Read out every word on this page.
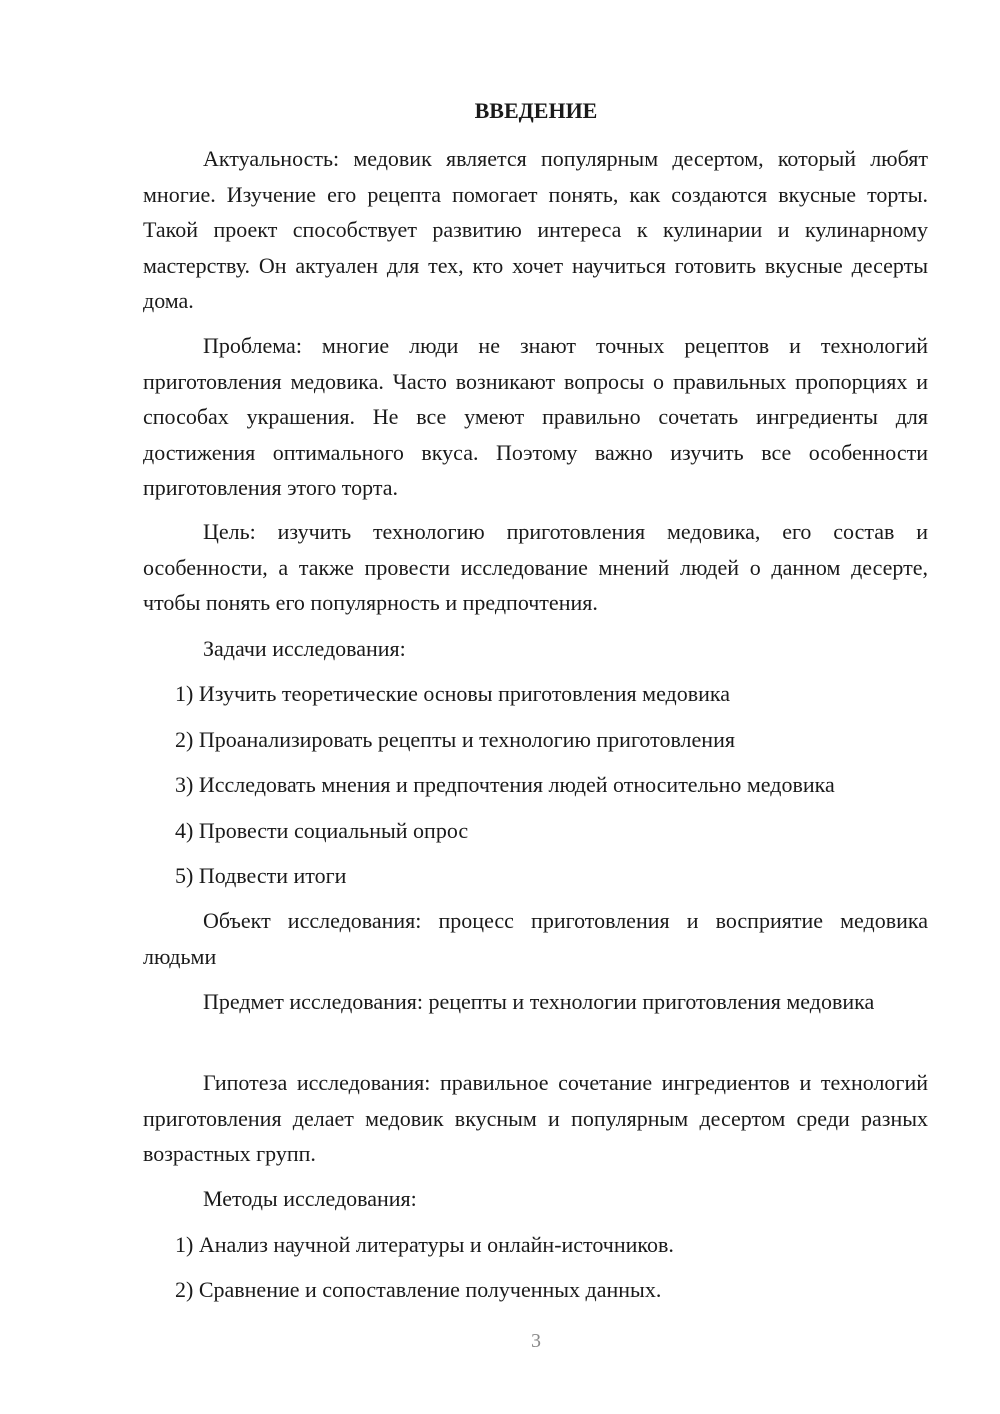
ВВЕДЕНИЕ

Актуальность: медовик является популярным десертом, который любят многие. Изучение его рецепта помогает понять, как создаются вкусные торты. Такой проект способствует развитию интереса к кулинарии и кулинарному мастерству. Он актуален для тех, кто хочет научиться готовить вкусные десерты дома.

Проблема: многие люди не знают точных рецептов и технологий приготовления медовика. Часто возникают вопросы о правильных пропорциях и способах украшения. Не все умеют правильно сочетать ингредиенты для достижения оптимального вкуса. Поэтому важно изучить все особенности приготовления этого торта.

Цель: изучить технологию приготовления медовика, его состав и особенности, а также провести исследование мнений людей о данном десерте, чтобы понять его популярность и предпочтения.

Задачи исследования:

1) Изучить теоретические основы приготовления медовика

2) Проанализировать рецепты и технологию приготовления

3) Исследовать мнения и предпочтения людей относительно медовика

4) Провести социальный опрос

5) Подвести итоги

Объект исследования: процесс приготовления и восприятие медовика людьми

Предмет исследования: рецепты и технологии приготовления медовика

Гипотеза исследования: правильное сочетание ингредиентов и технологий приготовления делает медовик вкусным и популярным десертом среди разных возрастных групп.

Методы исследования:

1) Анализ научной литературы и онлайн-источников.

2) Сравнение и сопоставление полученных данных.

3
